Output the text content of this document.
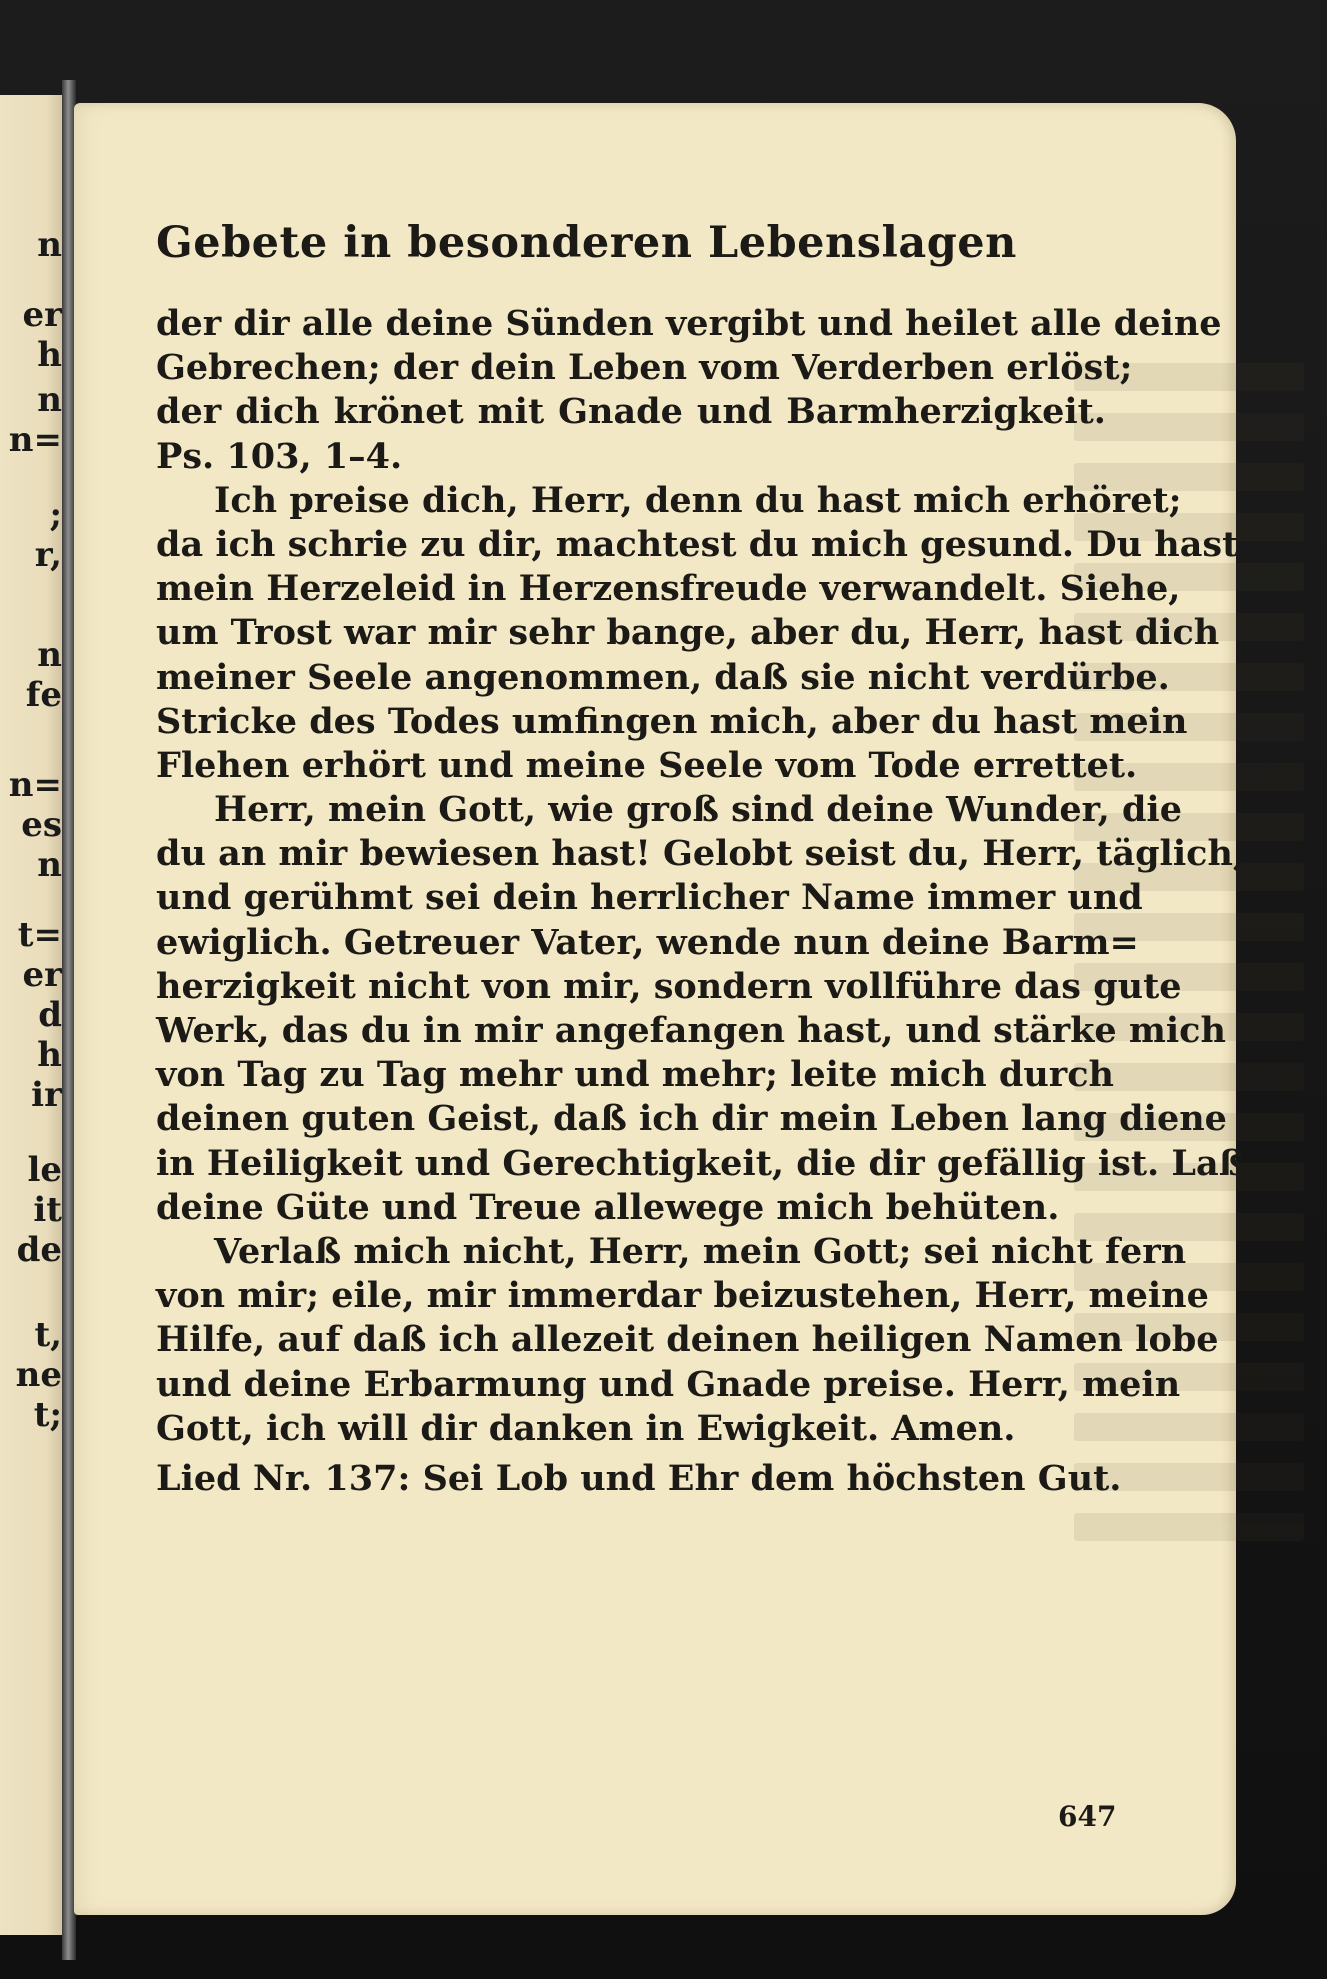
n
er
h
n
n=
;
r,
n
fe
n=
es
n
t=
er
d
h
ir
le
it
de
t,
ne
t;
Gebete in besonderen Lebenslagen
der dir alle deine Sünden vergibt und heilet alle deine
Gebrechen; der dein Leben vom Verderben erlöst;
der dich krönet mit Gnade und Barmherzigkeit.
Ps. 103, 1–4.
Ich preise dich, Herr, denn du hast mich erhöret;
da ich schrie zu dir, machtest du mich gesund. Du hast
mein Herzeleid in Herzensfreude verwandelt. Siehe,
um Trost war mir sehr bange, aber du, Herr, hast dich
meiner Seele angenommen, daß sie nicht verdürbe.
Stricke des Todes umfingen mich, aber du hast mein
Flehen erhört und meine Seele vom Tode errettet.
Herr, mein Gott, wie groß sind deine Wunder, die
du an mir bewiesen hast! Gelobt seist du, Herr, täglich,
und gerühmt sei dein herrlicher Name immer und
ewiglich. Getreuer Vater, wende nun deine Barm=
herzigkeit nicht von mir, sondern vollführe das gute
Werk, das du in mir angefangen hast, und stärke mich
von Tag zu Tag mehr und mehr; leite mich durch
deinen guten Geist, daß ich dir mein Leben lang diene
in Heiligkeit und Gerechtigkeit, die dir gefällig ist. Laß
deine Güte und Treue allewege mich behüten.
Verlaß mich nicht, Herr, mein Gott; sei nicht fern
von mir; eile, mir immerdar beizustehen, Herr, meine
Hilfe, auf daß ich allezeit deinen heiligen Namen lobe
und deine Erbarmung und Gnade preise. Herr, mein
Gott, ich will dir danken in Ewigkeit. Amen.
Lied Nr. 137: Sei Lob und Ehr dem höchsten Gut.
647
